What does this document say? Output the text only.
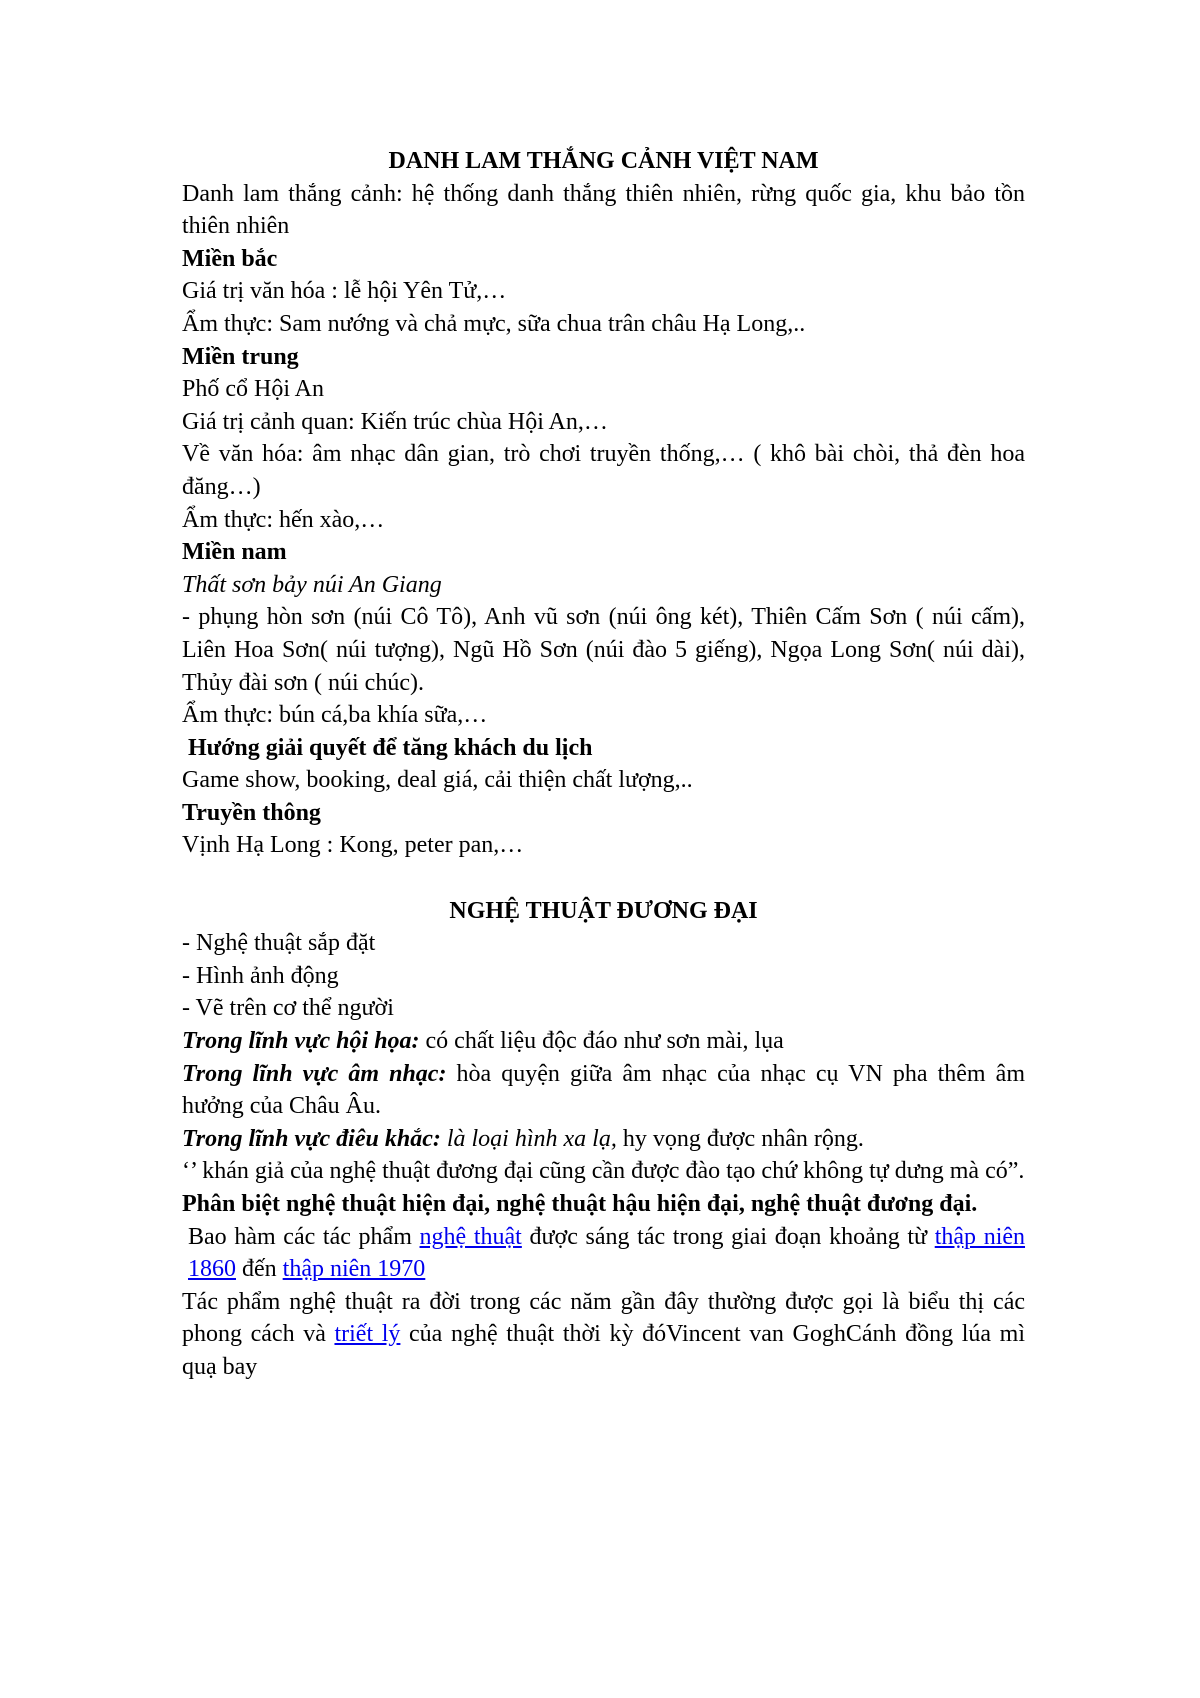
DANH LAM THẮNG CẢNH VIỆT NAM

Danh lam thắng cảnh: hệ thống danh thắng thiên nhiên, rừng quốc gia, khu bảo tồn thiên nhiên

Miền bắc

Giá trị văn hóa : lễ hội Yên Tử,…

Ẩm thực: Sam nướng và chả mực, sữa chua trân châu Hạ Long,..

Miền trung

Phố cổ Hội An

Giá trị cảnh quan: Kiến trúc chùa Hội An,…

Về văn hóa: âm nhạc dân gian, trò chơi truyền thống,… ( khô bài chòi, thả đèn hoa đăng…)

Ẩm thực: hến xào,…

Miền nam

Thất sơn bảy núi An Giang

- phụng hòn sơn (núi Cô Tô), Anh vũ sơn (núi ông két), Thiên Cấm Sơn ( núi cấm), Liên Hoa Sơn( núi tượng), Ngũ Hồ Sơn (núi đào 5 giếng), Ngọa Long Sơn( núi dài), Thủy đài sơn ( núi chúc).

Ẩm thực: bún cá,ba khía sữa,…

Hướng giải quyết để tăng khách du lịch

Game show, booking, deal giá, cải thiện chất lượng,..

Truyền thông

Vịnh Hạ Long : Kong, peter pan,…

NGHỆ THUẬT ĐƯƠNG ĐẠI

- Nghệ thuật sắp đặt

- Hình ảnh động

- Vẽ trên cơ thể người

Trong lĩnh vực hội họa: có chất liệu độc đáo như sơn mài, lụa

Trong lĩnh vực âm nhạc: hòa quyện giữa âm nhạc của nhạc cụ VN pha thêm âm hưởng của Châu Âu.

Trong lĩnh vực điêu khắc: là loại hình xa lạ, hy vọng được nhân rộng.

‘’ khán giả của nghệ thuật đương đại cũng cần được đào tạo chứ không tự dưng mà có”.

Phân biệt nghệ thuật hiện đại, nghệ thuật hậu hiện đại, nghệ thuật đương đại.

Bao hàm các tác phẩm nghệ thuật được sáng tác trong giai đoạn khoảng từ thập niên 1860 đến thập niên 1970

Tác phẩm nghệ thuật ra đời trong các năm gần đây thường được gọi là biểu thị các phong cách và triết lý của nghệ thuật thời kỳ đóVincent van GoghCánh đồng lúa mì quạ bay
